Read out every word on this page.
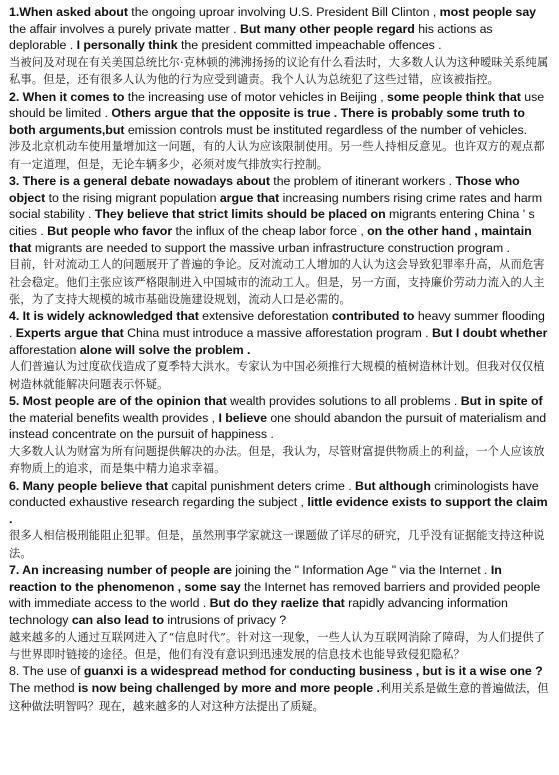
1.When asked about the ongoing uproar involving U.S. President Bill Clinton , most people say the affair involves a purely private matter . But many other people regard his actions as deplorable . I personally think the president committed impeachable offences .

当被问及对现在有关美国总统比尔·克林顿的沸沸扬扬的议论有什么看法时，大多数人认为这种暧昧关系纯属私事。但是，还有很多人认为他的行为应受到谴责。我个人认为总统犯了这些过错，应该被指控。

2. When it comes to the increasing use of motor vehicles in Beijing , some people think that use should be limited . Others argue that the opposite is true . There is probably some truth to both arguments,but emission controls must be instituted regardless of the number of vehicles.

涉及北京机动车使用量增加这一问题，有的人认为应该限制使用。另一些人持相反意见。也许双方的观点都有一定道理，但是，无论车辆多少，必须对废气排放实行控制。

3. There is a general debate nowadays about the problem of itinerant workers . Those who object to the rising migrant population argue that increasing numbers rising crime rates and harm social stability . They believe that strict limits should be placed on migrants entering China ' s cities . But people who favor the influx of the cheap labor force , on the other hand , maintain that migrants are needed to support the massive urban infrastructure construction program .

目前，针对流动工人的问题展开了普遍的争论。反对流动工人增加的人认为这会导致犯罪率升高，从而危害社会稳定。他们主张应该严格限制进入中国城市的流动工人。但是，另一方面，支持廉价劳动力流入的人主张，为了支持大规模的城市基础设施建设规划，流动人口是必需的。

4. It is widely acknowledged that extensive deforestation contributed to heavy summer flooding . Experts argue that China must introduce a massive afforestation program . But I doubt whether afforestation alone will solve the problem .

人们普遍认为过度砍伐造成了夏季特大洪水。专家认为中国必须推行大规模的植树造林计划。但我对仅仅植树造林就能解决问题表示怀疑。

5. Most people are of the opinion that wealth provides solutions to all problems . But in spite of the material benefits wealth provides , I believe one should abandon the pursuit of materialism and instead concentrate on the pursuit of happiness .

大多数人认为财富为所有问题提供解决的办法。但是，我认为，尽管财富提供物质上的利益，一个人应该放弃物质上的追求，而是集中精力追求幸福。

6. Many people believe that capital punishment deters crime . But although criminologists have conducted exhaustive research regarding the subject , little evidence exists to support the claim .

很多人相信极刑能阻止犯罪。但是，虽然刑事学家就这一课题做了详尽的研究，几乎没有证据能支持这种说法。

7. An increasing number of people are joining the " Information Age " via the Internet . In reaction to the phenomenon , some say the Internet has removed barriers and provided people with immediate access to the world . But do they raelize that rapidly advancing information technology can also lead to intrusions of privacy ?

越来越多的人通过互联网进入了“信息时代”。针对这一现象，一些人认为互联网消除了障碍，为人们提供了与世界即时链接的途径。但是，他们有没有意识到迅速发展的信息技术也能导致侵犯隐私？

8. The use of guanxi is a widespread method for conducting business , but is it a wise one ? The method is now being challenged by more and more people .利用关系是做生意的普遍做法，但这种做法明智吗？现在，越来越多的人对这种方法提出了质疑。
